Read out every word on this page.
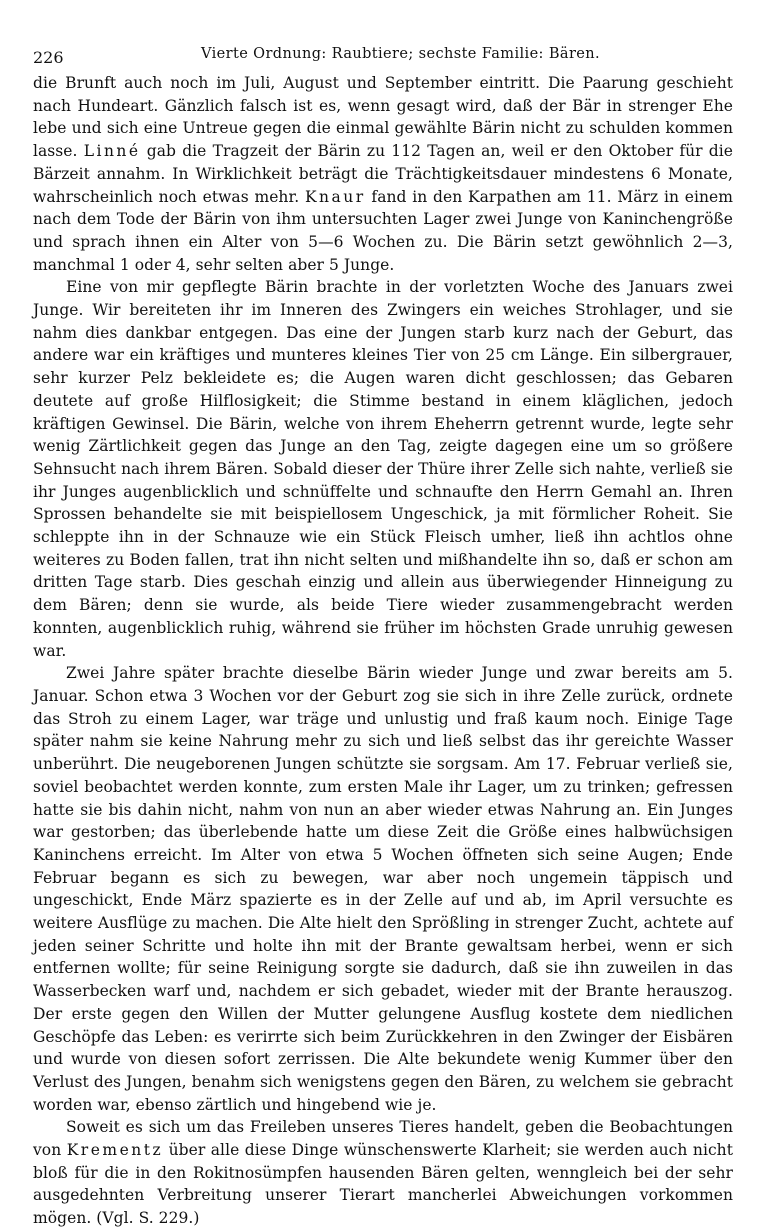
226	Vierte Ordnung: Raubtiere; sechste Familie: Bären.

die Brunft auch noch im Juli, August und September eintritt. Die Paarung geschieht nach Hundeart. Gänzlich falsch ist es, wenn gesagt wird, daß der Bär in strenger Ehe lebe und sich eine Untreue gegen die einmal gewählte Bärin nicht zu schulden kommen lasse. Linné gab die Tragzeit der Bärin zu 112 Tagen an, weil er den Oktober für die Bärzeit annahm. In Wirklichkeit beträgt die Trächtigkeitsdauer mindestens 6 Monate, wahrscheinlich noch etwas mehr. Knaur fand in den Karpathen am 11. März in einem nach dem Tode der Bärin von ihm untersuchten Lager zwei Junge von Kaninchengröße und sprach ihnen ein Alter von 5—6 Wochen zu. Die Bärin setzt gewöhnlich 2—3, manchmal 1 oder 4, sehr selten aber 5 Junge.

Eine von mir gepflegte Bärin brachte in der vorletzten Woche des Januars zwei Junge. Wir bereiteten ihr im Inneren des Zwingers ein weiches Strohlager, und sie nahm dies dankbar entgegen. Das eine der Jungen starb kurz nach der Geburt, das andere war ein kräftiges und munteres kleines Tier von 25 cm Länge. Ein silbergrauer, sehr kurzer Pelz bekleidete es; die Augen waren dicht geschlossen; das Gebaren deutete auf große Hilflosigkeit; die Stimme bestand in einem kläglichen, jedoch kräftigen Gewinsel. Die Bärin, welche von ihrem Eheherrn getrennt wurde, legte sehr wenig Zärtlichkeit gegen das Junge an den Tag, zeigte dagegen eine um so größere Sehnsucht nach ihrem Bären. Sobald dieser der Thüre ihrer Zelle sich nahte, verließ sie ihr Junges augenblicklich und schnüffelte und schnaufte den Herrn Gemahl an. Ihren Sprossen behandelte sie mit beispiellosem Ungeschick, ja mit förmlicher Roheit. Sie schleppte ihn in der Schnauze wie ein Stück Fleisch umher, ließ ihn achtlos ohne weiteres zu Boden fallen, trat ihn nicht selten und mißhandelte ihn so, daß er schon am dritten Tage starb. Dies geschah einzig und allein aus überwiegender Hinneigung zu dem Bären; denn sie wurde, als beide Tiere wieder zusammengebracht werden konnten, augenblicklich ruhig, während sie früher im höchsten Grade unruhig gewesen war.

Zwei Jahre später brachte dieselbe Bärin wieder Junge und zwar bereits am 5. Januar. Schon etwa 3 Wochen vor der Geburt zog sie sich in ihre Zelle zurück, ordnete das Stroh zu einem Lager, war träge und unlustig und fraß kaum noch. Einige Tage später nahm sie keine Nahrung mehr zu sich und ließ selbst das ihr gereichte Wasser unberührt. Die neugeborenen Jungen schützte sie sorgsam. Am 17. Februar verließ sie, soviel beobachtet werden konnte, zum ersten Male ihr Lager, um zu trinken; gefressen hatte sie bis dahin nicht, nahm von nun an aber wieder etwas Nahrung an. Ein Junges war gestorben; das überlebende hatte um diese Zeit die Größe eines halbwüchsigen Kaninchens erreicht. Im Alter von etwa 5 Wochen öffneten sich seine Augen; Ende Februar begann es sich zu bewegen, war aber noch ungemein täppisch und ungeschickt, Ende März spazierte es in der Zelle auf und ab, im April versuchte es weitere Ausflüge zu machen. Die Alte hielt den Sprößling in strenger Zucht, achtete auf jeden seiner Schritte und holte ihn mit der Brante gewaltsam herbei, wenn er sich entfernen wollte; für seine Reinigung sorgte sie dadurch, daß sie ihn zuweilen in das Wasserbecken warf und, nachdem er sich gebadet, wieder mit der Brante herauszog. Der erste gegen den Willen der Mutter gelungene Ausflug kostete dem niedlichen Geschöpfe das Leben: es verirrte sich beim Zurückkehren in den Zwinger der Eisbären und wurde von diesen sofort zerrissen. Die Alte bekundete wenig Kummer über den Verlust des Jungen, benahm sich wenigstens gegen den Bären, zu welchem sie gebracht worden war, ebenso zärtlich und hingebend wie je.

Soweit es sich um das Freileben unseres Tieres handelt, geben die Beobachtungen von Krementz über alle diese Dinge wünschenswerte Klarheit; sie werden auch nicht bloß für die in den Rokitnosümpfen hausenden Bären gelten, wenngleich bei der sehr ausgedehnten Verbreitung unserer Tierart mancherlei Abweichungen vorkommen mögen. (Vgl. S. 229.)
